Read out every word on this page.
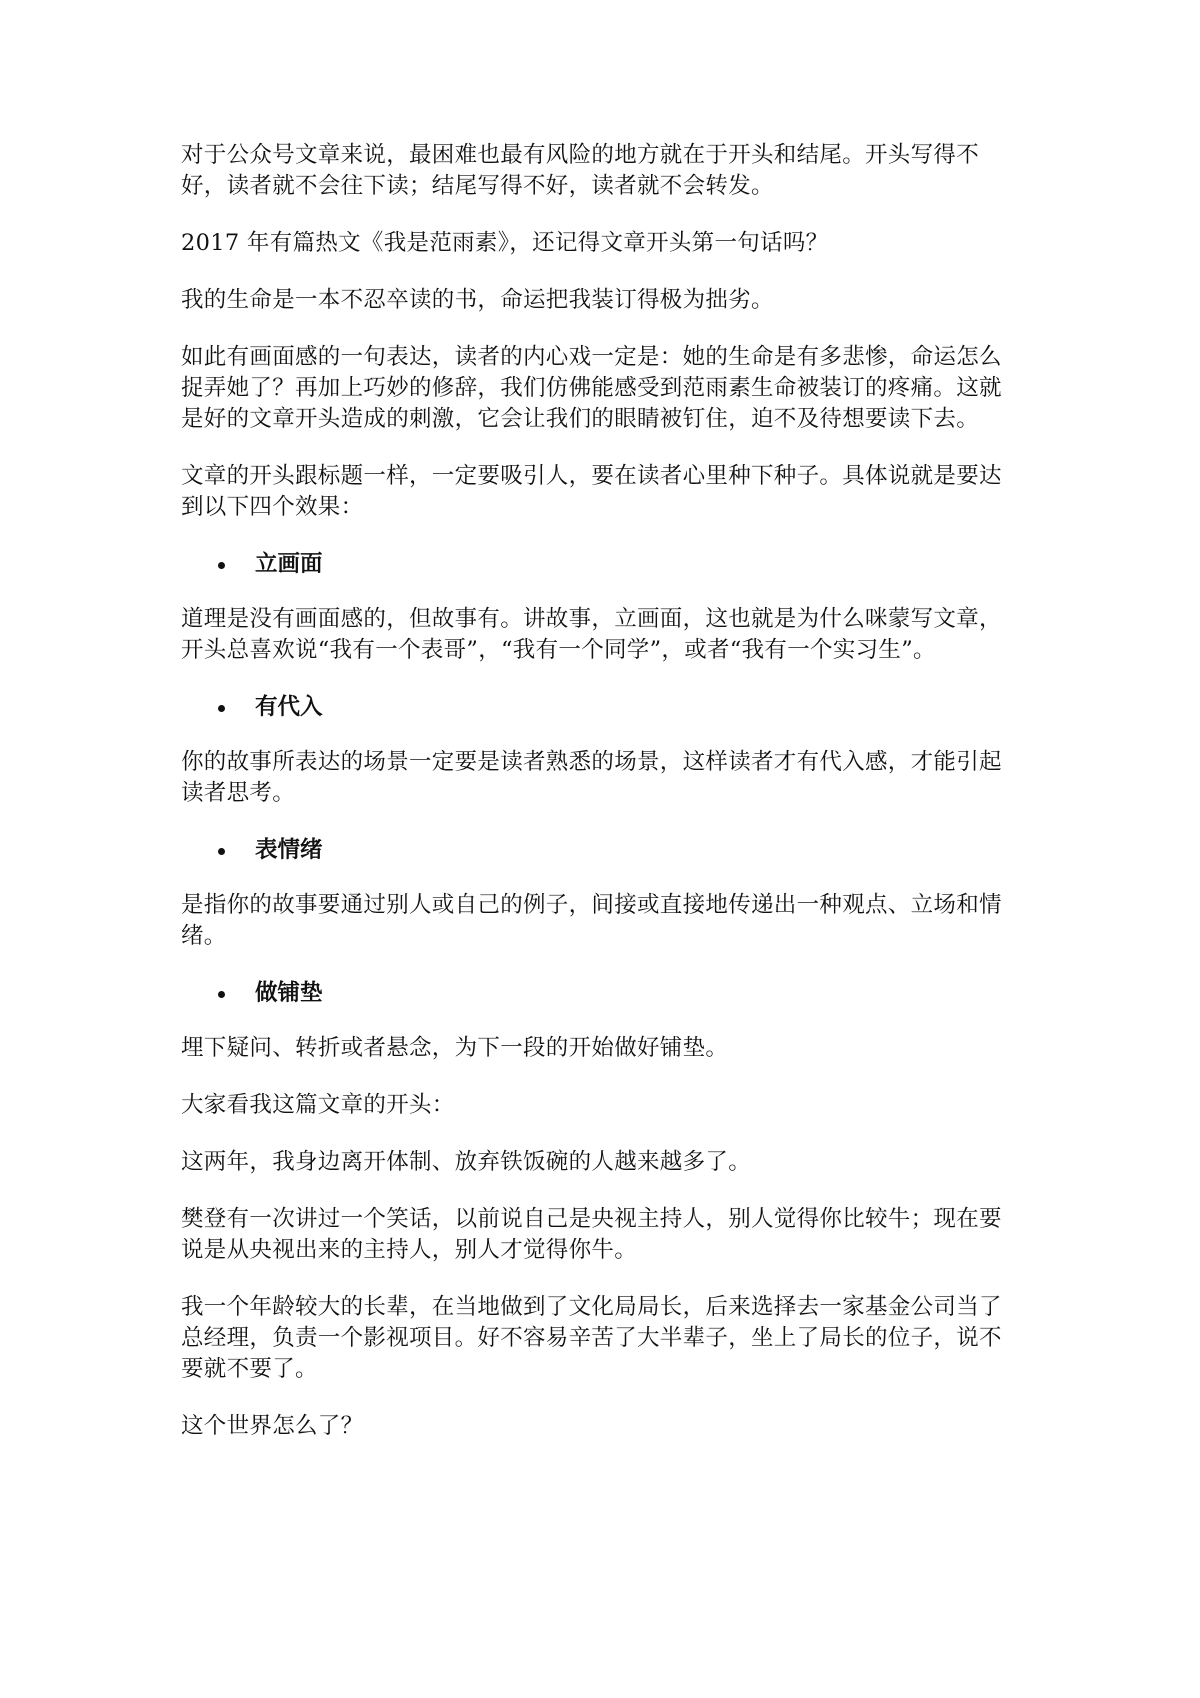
对于公众号文章来说，最困难也最有风险的地方就在于开头和结尾。开头写得不好，读者就不会往下读；结尾写得不好，读者就不会转发。

2017 年有篇热文《我是范雨素》，还记得文章开头第一句话吗？

我的生命是一本不忍卒读的书，命运把我装订得极为拙劣。

如此有画面感的一句表达，读者的内心戏一定是：她的生命是有多悲惨，命运怎么捉弄她了？再加上巧妙的修辞，我们仿佛能感受到范雨素生命被装订的疼痛。这就是好的文章开头造成的刺激，它会让我们的眼睛被钉住，迫不及待想要读下去。

文章的开头跟标题一样，一定要吸引人，要在读者心里种下种子。具体说就是要达到以下四个效果：

立画面

道理是没有画面感的，但故事有。讲故事，立画面，这也就是为什么咪蒙写文章，开头总喜欢说“我有一个表哥”，“我有一个同学”，或者“我有一个实习生”。

有代入

你的故事所表达的场景一定要是读者熟悉的场景，这样读者才有代入感，才能引起读者思考。

表情绪

是指你的故事要通过别人或自己的例子，间接或直接地传递出一种观点、立场和情绪。

做铺垫

埋下疑问、转折或者悬念，为下一段的开始做好铺垫。

大家看我这篇文章的开头：

这两年，我身边离开体制、放弃铁饭碗的人越来越多了。

樊登有一次讲过一个笑话，以前说自己是央视主持人，别人觉得你比较牛；现在要说是从央视出来的主持人，别人才觉得你牛。

我一个年龄较大的长辈，在当地做到了文化局局长，后来选择去一家基金公司当了总经理，负责一个影视项目。好不容易辛苦了大半辈子，坐上了局长的位子，说不要就不要了。

这个世界怎么了？
